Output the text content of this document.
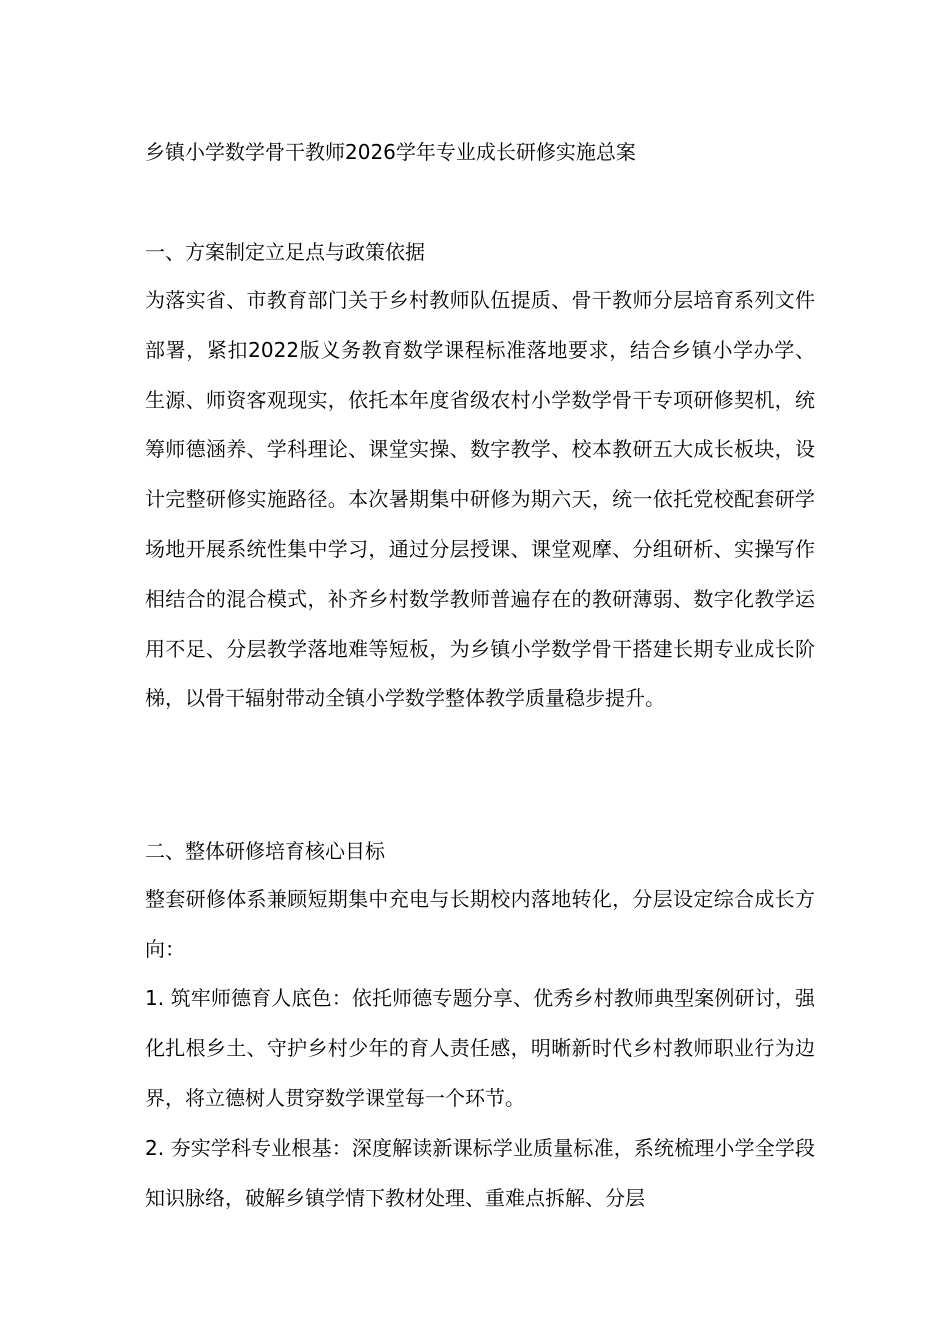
乡镇小学数学骨干教师2026学年专业成长研修实施总案
一、方案制定立足点与政策依据

为落实省、市教育部门关于乡村教师队伍提质、骨干教师分层培育系列文件部署，紧扣2022版义务教育数学课程标准落地要求，结合乡镇小学办学、生源、师资客观现实，依托本年度省级农村小学数学骨干专项研修契机，统筹师德涵养、学科理论、课堂实操、数字教学、校本教研五大成长板块，设计完整研修实施路径。本次暑期集中研修为期六天，统一依托党校配套研学场地开展系统性集中学习，通过分层授课、课堂观摩、分组研析、实操写作相结合的混合模式，补齐乡村数学教师普遍存在的教研薄弱、数字化教学运用不足、分层教学落地难等短板，为乡镇小学数学骨干搭建长期专业成长阶梯，以骨干辐射带动全镇小学数学整体教学质量稳步提升。

二、整体研修培育核心目标

整套研修体系兼顾短期集中充电与长期校内落地转化，分层设定综合成长方向：

1. 筑牢师德育人底色：依托师德专题分享、优秀乡村教师典型案例研讨，强化扎根乡土、守护乡村少年的育人责任感，明晰新时代乡村教师职业行为边界，将立德树人贯穿数学课堂每一个环节。

2. 夯实学科专业根基：深度解读新课标学业质量标准，系统梳理小学全学段知识脉络，破解乡镇学情下教材处理、重难点拆解、分层
